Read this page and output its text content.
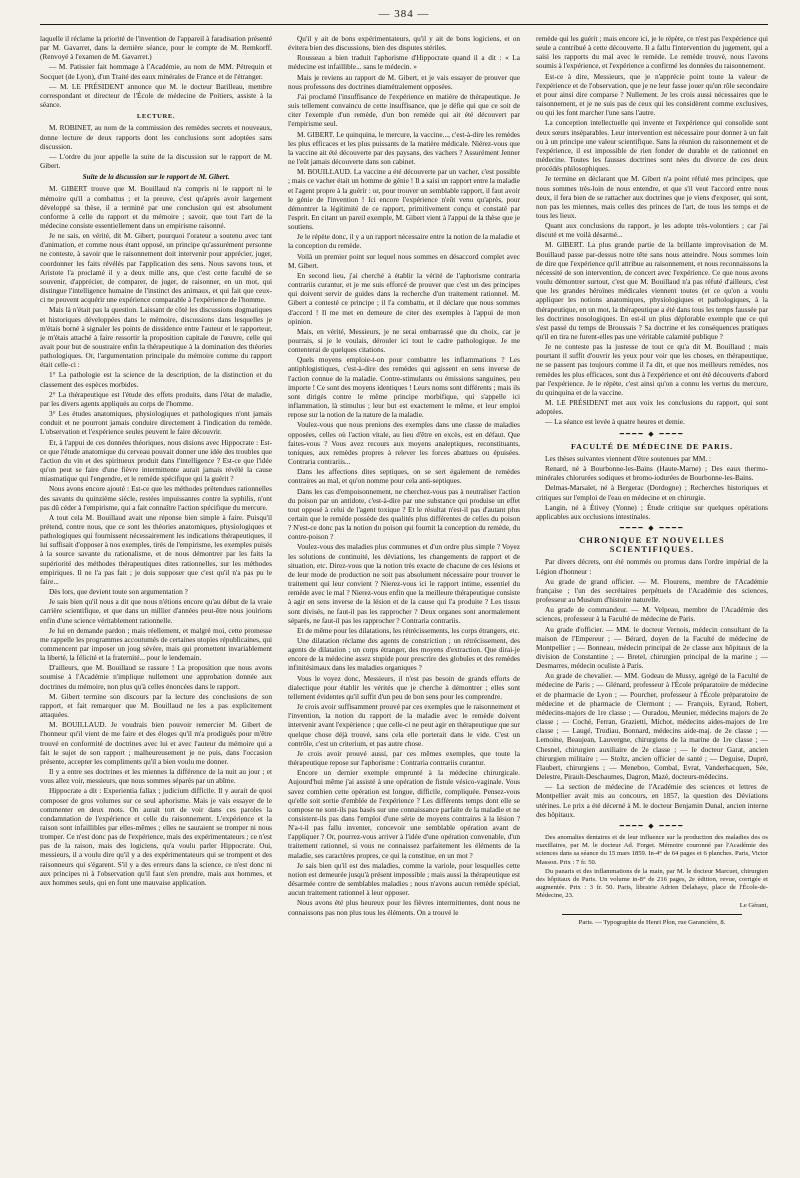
— 384 —

laquelle il réclame la priorité de l'invention de l'appareil à faradisation présenté par M. Gavarret, dans la dernière séance, pour le compte de M. Remkorff. (Renvoyé à l'examen de M. Gavarret.)

— M. Patissier fait hommage à l'Académie, au nom de MM. Pétrequin et Socquet (de Lyon), d'un Traité des eaux minérales de France et de l'étranger.

— M. LE PRÉSIDENT annonce que M. le docteur Barilleau, membre correspondant et directeur de l'École de médecine de Poitiers, assiste à la séance.

LECTURE.

M. ROBINET, au nom de la commission des remèdes secrets et nouveaux, donne lecture de deux rapports dont les conclusions sont adoptées sans discussion.

— L'ordre du jour appelle la suite de la discussion sur le rapport de M. Gibert.

Suite de la discussion sur le rapport de M. Gibert.

M. GIBERT trouve que M. Bouillaud n'a compris ni le rapport ni le mémoire qu'il a combattus ; et la preuve, c'est qu'après avoir largement développé sa thèse, il a terminé par une conclusion qui est absolument conforme à celle du rapport et du mémoire ; savoir, que tout l'art de la médecine consiste essentiellement dans un empirisme raisonné.

Je ne sais, en vérité, dit M. Gibert, pourquoi l'orateur a soutenu avec tant d'animation, et comme nous étant opposé, un principe qu'assurément personne ne conteste, à savoir que le raisonnement doit intervenir pour apprécier, juger, coordonner les faits révélés par l'application des sens. Nous savons tous, et Aristote l'a proclamé il y a deux mille ans, que c'est cette faculté de se souvenir, d'apprécier, de comparer, de juger, de raisonner, en un mot, qui distingue l'intelligence humaine de l'instinct des animaux, et qui fait que ceux-ci ne peuvent acquérir une expérience comparable à l'expérience de l'homme.

Mais là n'était pas la question. Laissant de côté les discussions dogmatiques et historiques développées dans le mémoire, discussions dans lesquelles je m'étais borné à signaler les points de dissidence entre l'auteur et le rapporteur, je m'étais attaché à faire ressortir la proposition capitale de l'œuvre, celle qui avait pour but de soustraire enfin la thérapeutique à la domination des théories pathologiques. Or, l'argumentation principale du mémoire comme du rapport était celle-ci :

1° La pathologie est la science de la description, de la distinction et du classement des espèces morbides.

2° La thérapeutique est l'étude des effets produits, dans l'état de maladie, par les divers agents appliqués au corps de l'homme.

3° Les études anatomiques, physiologiques et pathologiques n'ont jamais conduit et ne pourront jamais conduire directement à l'indication du remède. L'observation et l'expérience seules peuvent le faire découvrir.

Et, à l'appui de ces données théoriques, nous disions avec Hippocrate : Est-ce que l'étude anatomique du cerveau pouvait donner une idée des troubles que l'action du vin et des spiritueux produit dans l'intelligence ? Est-ce que l'idée qu'on peut se faire d'une fièvre intermittente aurait jamais révélé la cause miasmatique qui l'engendre, et le remède spécifique qui la guérit ?

Nous avons encore ajouté : Est-ce que les méthodes prétendues rationnelles des savants du quinzième siècle, restées impuissantes contre la syphilis, n'ont pas dû céder à l'empirisme, qui a fait connaître l'action spécifique du mercure.

A tout cela M. Bouillaud avait une réponse bien simple à faire. Puisqu'il prétend, contre nous, que ce sont les théories anatomiques, physiologiques et pathologiques qui fournissent nécessairement les indications thérapeutiques, il lui suffisait d'opposer à nos exemples, tirés de l'empirisme, les exemples puisés à la source savante du rationalisme, et de nous démontrer par les faits la supériorité des méthodes thérapeutiques dites rationnelles, sur les méthodes empiriques. Il ne l'a pas fait ; je dois supposer que c'est qu'il n'a pas pu le faire...

Dès lors, que devient toute son argumentation ?

Je sais bien qu'il nous a dit que nous n'étions encore qu'au début de la vraie carrière scientifique, et que dans un millier d'années peut-être nous jouirions enfin d'une science véritablement rationnelle.

Je lui en demande pardon ; mais réellement, et malgré moi, cette promesse me rappelle les programmes accoutumés de certaines utopies républicaines, qui commencent par imposer un joug sévère, mais qui promettent invariablement la liberté, la félicité et la fraternité... pour le lendemain.

D'ailleurs, que M. Bouillaud se rassure ! La proposition que nous avons soumise à l'Académie n'implique nullement une approbation donnée aux doctrines du mémoire, non plus qu'à celles énoncées dans le rapport.

M. Gibert termine son discours par la lecture des conclusions de son rapport, et fait remarquer que M. Bouillaud ne les a pas explicitement attaquées.

M. BOUILLAUD. Je voudrais bien pouvoir remercier M. Gibert de l'honneur qu'il vient de me faire et des éloges qu'il m'a prodigués pour m'être trouvé en conformité de doctrines avec lui et avec l'auteur du mémoire qui a fait le sujet de son rapport ; malheureusement je ne puis, dans l'occasion présente, accepter les compliments qu'il a bien voulu me donner.

Il y a entre ses doctrines et les miennes la différence de la nuit au jour ; et vous allez voir, messieurs, que nous sommes séparés par un abîme.

Hippocrate a dit : Experientia fallax ; judicium difficile. Il y aurait de quoi composer de gros volumes sur ce seul aphorisme. Mais je vais essayer de le commenter en deux mots. On aurait tort de voir dans ces paroles la condamnation de l'expérience et celle du raisonnement. L'expérience et la raison sont infaillibles par elles-mêmes ; elles ne sauraient se tromper ni nous tromper. Ce n'est donc pas de l'expérience, mais des expérimentateurs ; ce n'est pas de la raison, mais des logiciens, qu'a voulu parler Hippocrate. Oui, messieurs, il a voulu dire qu'il y a des expérimentateurs qui se trompent et des raisonneurs qui s'égarent. S'il y a des erreurs dans la science, ce n'est donc ni aux principes ni à l'observation qu'il faut s'en prendre, mais aux hommes, et aux hommes seuls, qui en font une mauvaise application.

Qu'il y ait de bons expérimentateurs, qu'il y ait de bons logiciens, et on évitera bien des discussions, bien des disputes stériles.

Rousseau a bien traduit l'aphorisme d'Hippocrate quand il a dit : « La médecine est infaillible... sans le médecin. »

Mais je reviens au rapport de M. Gibert, et je vais essayer de prouver que nous professons des doctrines diamétralement opposées.

J'ai proclamé l'insuffisance de l'expérience en matière de thérapeutique. Je suis tellement convaincu de cette insuffisance, que je défie qui que ce soit de citer l'exemple d'un remède, d'un bon remède qui ait été découvert par l'empirisme seul.

M. GIBERT. Le quinquina, le mercure, la vaccine..., c'est-à-dire les remèdes les plus efficaces et les plus puissants de la matière médicale. Niérez-vous que la vaccine ait été découverte par des paysans, des vachers ? Assurément Jenner ne l'eût jamais découverte dans son cabinet.

M. BOUILLAUD. La vaccine a été découverte par un vacher, c'est possible ; mais ce vacher était un homme de génie ! Il a saisi un rapport entre la maladie et l'agent propre à la guérir : or, pour trouver un semblable rapport, il faut avoir le génie de l'invention ! Ici encore l'expérience n'eût venu qu'après, pour démontrer la légitimité de ce rapport, primitivement conçu et constaté par l'esprit. En citant un pareil exemple, M. Gibert vient à l'appui de la thèse que je soutiens.

Je le répète donc, il y a un rapport nécessaire entre la notion de la maladie et la conception du remède.

Voilà un premier point sur lequel nous sommes en désaccord complet avec M. Gibert.

En second lieu, j'ai cherché à établir la vérité de l'aphorisme contraria contrariis curantur, et je me suis efforcé de prouver que c'est un des principes qui doivent servir de guides dans la recherche d'un traitement rationnel. M. Gibert a contesté ce principe ; il l'a combattu, et il déclare que nous sommes d'accord ! Il me met en demeure de citer des exemples à l'appui de mon opinion.

Mais, en vérité, Messieurs, je ne serai embarrassé que du choix, car je pourrais, si je le voulais, dérouler ici tout le cadre pathologique. Je me contenterai de quelques citations.

Quels moyens emploie-t-on pour combattre les inflammations ? Les antiphlogistiques, c'est-à-dire des remèdes qui agissent en sens inverse de l'action connue de la maladie. Contre-stimulants ou émissions sanguines, peu importe ! Ce sont des moyens identiques ! Leurs noms sont différents ; mais ils sont dirigés contre le même principe morbifique, qui s'appelle ici inflammation, là stimulus ; leur but est exactement le même, et leur emploi repose sur la notion de la nature de la maladie.

Voulez-vous que nous prenions des exemples dans une classe de maladies opposées, celles où l'action vitale, au lieu d'être en excès, est en défaut. Que faites-vous ? Vous avez recours aux moyens analeptiques, reconstituants, toniques, aux remèdes propres à relever les forces abattues ou épuisées. Contraria contrariis...

Dans les affections dites septiques, on se sert également de remèdes contraires au mal, et qu'on nomme pour cela anti-septiques.

Dans les cas d'empoisonnement, ne cherchez-vous pas à neutraliser l'action du poison par un antidote, c'est-à-dire par une substance qui produise un effet tout opposé à celui de l'agent toxique ? Et le résultat n'est-il pas d'autant plus certain que le remède possède des qualités plus différentes de celles du poison ? N'est-ce donc pas la notion du poison qui fournit la conception du remède, du contre-poison ?

Voulez-vous des maladies plus communes et d'un ordre plus simple ? Voyez les solutions de continuité, les déviations, les changements de rapport et de situation, etc. Direz-vous que la notion très exacte de chacune de ces lésions et de leur mode de production ne soit pas absolument nécessaire pour trouver le traitement qui leur convient ? Nierez-vous ici le rapport intime, essentiel du remède avec le mal ? Nierez-vous enfin que la meilleure thérapeutique consiste à agir en sens inverse de la lésion et de la cause qui l'a produite ? Les tissus sont divisés, ne faut-il pas les rapprocher ? Deux organes sont anormalement séparés, ne faut-il pas les rapprocher ? Contraria contrariis.

Et de même pour les dilatations, les rétrécissements, les corps étrangers, etc.

Une dilatation réclame des agents de constriction ; un rétrécissement, des agents de dilatation ; un corps étranger, des moyens d'extraction. Que dirai-je encore de la médecine assez stupide pour prescrire des globules et des remèdes infinitésimaux dans les maladies organiques ?

Vous le voyez donc, Messieurs, il n'est pas besoin de grands efforts de dialectique pour établir les vérités que je cherche à démontrer ; elles sont tellement évidentes qu'il suffit d'un peu de bon sens pour les comprendre.

Je crois avoir suffisamment prouvé par ces exemples que le raisonnement et l'invention, la notion du rapport de la maladie avec le remède doivent intervenir avant l'expérience ; que celle-ci ne peut agir en thérapeutique que sur quelque chose déjà trouvé, sans cela elle porterait dans le vide. C'est un contrôle, c'est un criterium, et pas autre chose.

Je crois avoir prouvé aussi, par ces mêmes exemples, que toute la thérapeutique repose sur l'aphorisme : Contraria contrariis curantur.

Encore un dernier exemple emprunté à la médecine chirurgicale. Aujourd'hui même j'ai assisté à une opération de fistule vésico-vaginale. Vous savez combien cette opération est longue, difficile, compliquée. Pensez-vous qu'elle soit sortie d'emblée de l'expérience ? Les différents temps dont elle se compose ne sont-ils pas basés sur une connaissance parfaite de la maladie et ne consistent-ils pas dans l'emploi d'une série de moyens contraires à la lésion ? N'a-t-il pas fallu inventer, concevoir une semblable opération avant de l'appliquer ? Or, pourrez-vous arriver à l'idée d'une opération convenable, d'un traitement rationnel, si vous ne connaissez parfaitement les éléments de la maladie, ses caractères propres, ce qui la constitue, en un mot ?

Je sais bien qu'il est des maladies, comme la variole, pour lesquelles cette notion est demeurée jusqu'à présent impossible ; mais aussi la thérapeutique est désarmée contre de semblables maladies ; nous n'avons aucun remède spécial, aucun traitement rationnel à leur opposer.

Nous avons été plus heureux pour les fièvres intermittentes, dont nous ne connaissons pas non plus tous les éléments. On a trouvé le

remède qui les guérit ; mais encore ici, je le répète, ce n'est pas l'expérience qui seule a contribué à cette découverte. Il a fallu l'intervention du jugement, qui a saisi les rapports du mal avec le remède. Le remède trouvé, nous l'avons soumis à l'expérience, et l'expérience a confirmé les données du raisonnement.

Est-ce à dire, Messieurs, que je n'apprécie point toute la valeur de l'expérience et de l'observation, que je ne leur fasse jouer qu'un rôle secondaire et pour ainsi dire comparse ? Nullement. Je les crois aussi nécessaires que le raisonnement, et je ne suis pas de ceux qui les considèrent comme exclusives, ou qui les font marcher l'une sans l'autre.

La conception intellectuelle qui invente et l'expérience qui consolide sont deux sœurs inséparables. Leur intervention est nécessaire pour donner à un fait ou à un principe une valeur scientifique. Sans la réunion du raisonnement et de l'expérience, il est impossible de rien fonder de durable et de rationnel en médecine. Toutes les fausses doctrines sont nées du divorce de ces deux procédés philosophiques.

Je termine en déclarant que M. Gibert n'a point réfuté mes principes, que nous sommes très-loin de nous entendre, et que s'il veut l'accord entre nous deux, il fera bien de se rattacher aux doctrines que je viens d'exposer, qui sont, non pas les miennes, mais celles des princes de l'art, de tous les temps et de tous les lieux.

Quant aux conclusions du rapport, je les adopte très-volontiers ; car j'ai discuté et me voilà désarmé...

M. GIBERT. La plus grande partie de la brillante improvisation de M. Bouillaud passe par-dessus notre tête sans nous atteindre. Nous sommes loin de dire que l'expérience qu'il attribue au raisonnement, et nous reconnaissons la nécessité de son intervention, de concert avec l'expérience. Ce que nous avons voulu démontrer surtout, c'est que M. Bouillaud n'a pas réfuté d'ailleurs, c'est que les grandes héroïnes médicales viennent toutes (et ce qu'on a voulu appliquer les notions anatomiques, physiologiques et pathologiques, à la thérapeutique, en un mot, la thérapeutique a été dans tous les temps faussée par les doctrines nosologiques. En est-il un plus déplorable exemple que ce qui s'est passé du temps de Broussais ? Sa doctrine et les conséquences pratiques qu'il en tira ne furent-elles pas une véritable calamité publique ?

Je ne conteste pas la justesse de tout ce qu'a dit M. Bouillaud ; mais pourtant il suffit d'ouvrir les yeux pour voir que les choses, en thérapeutique, ne se passent pas toujours comme il l'a dit, et que nos meilleurs remèdes, nos remèdes les plus efficaces, sont dus à l'expérience et ont été découverts d'abord par l'expérience. Je le répète, c'est ainsi qu'on a connu les vertus du mercure, du quinquina et de la vaccine.

M. LE PRÉSIDENT met aux voix les conclusions du rapport, qui sont adoptées.

— La séance est levée à quatre heures et demie.

━━━━ ◆ ━━━━
FACULTÉ DE MÉDECINE DE PARIS.

Les thèses suivantes viennent d'être soutenues par MM. :

Renard, né à Bourbonne-les-Bains (Haute-Marne) ; Des eaux thermo-minérales chlorurées sodiques et bromo-iodurées de Bourbonne-les-Bains.

Delmas-Marsalet, né à Bergerac (Dordogne) ; Recherches historiques et critiques sur l'emploi de l'eau en médecine et en chirurgie.

Langin, né à Étivey (Yonne) ; Étude critique sur quelques opérations applicables aux occlusions intestinales.

━━━━ ◆ ━━━━
CHRONIQUE ET NOUVELLES SCIENTIFIQUES.

Par divers décrets, ont été nommés ou promus dans l'ordre impérial de la Légion d'honneur :

Au grade de grand officier. — M. Flourens, membre de l'Académie française ; l'un des secrétaires perpétuels de l'Académie des sciences, professeur au Muséum d'histoire naturelle.

Au grade de commandeur. — M. Velpeau, membre de l'Académie des sciences, professeur à la Faculté de médecine de Paris.

Au grade d'officier. — MM. le docteur Vernois, médecin consultant de la maison de l'Empereur ; — Bérard, doyen de la Faculté de médecine de Montpellier ; — Bonneau, médecin principal de 2e classe aux hôpitaux de la division de Constantine ; — Bretel, chirurgien principal de la marine ; — Desmarres, médecin oculiste à Paris.

Au grade de chevalier. — MM. Godeau de Mussy, agrégé de la Faculté de médecine de Paris ; — Glénard, professeur à l'École préparatoire de médecine et de pharmacie de Lyon ; — Pourcher, professeur à l'École préparatoire de médecine et de pharmacie de Clermont ; — François, Eyraud, Robert, médecins-majors de 1re classe ; — Ouradou, Meunier, médecins majors de 2e classe ; — Coché, Ferran, Grazietti, Michot, médecins aides-majors de 1re classe ; — Laugé, Trudiau, Bonnard, médecins aide-maj. de 2e classe ; — Lemoine, Beaujean, Lauvergne, chirurgiens de la marine de 1re classe ; — Chesnel, chirurgien auxiliaire de 2e classe ; — le docteur Garat, ancien chirurgien militaire ; — Stoltz, ancien officier de santé ; — Deguise, Dupré, Flaubert, chirurgiens ; — Meneboo, Combal, Evrat, Vanderhacquen, Sée, Delestre, Pirault-Deschaumes, Dagron, Mazé, docteurs-médecins.

— La section de médecine de l'Académie des sciences et lettres de Montpellier avait mis au concours, en 1857, la question des Déviations utérines. Le prix a été décerné à M. le docteur Benjamin Dunal, ancien interne des hôpitaux.

━━━━ ◆ ━━━━

Des anomalies dentaires et de leur influence sur la production des maladies des os maxillaires, par M. le docteur Ad. Forget. Mémoire couronné par l'Académie des sciences dans sa séance du 15 mars 1859. In-4° de 64 pages et 6 planches. Paris, Victor Masson. Prix : 7 fr. 50.

Du panaris et des inflammations de la main, par M. le docteur Marcuet, chirurgien des hôpitaux de Paris. Un volume in-8° de 216 pages, 2e édition, revue, corrigée et augmentée. Prix : 3 fr. 50. Paris, librairie Adrien Delahaye, place de l'École-de-Médecine, 23.

Le Gérant,
Paris. — Typographie de Henri Plon, rue Garancière, 8.
